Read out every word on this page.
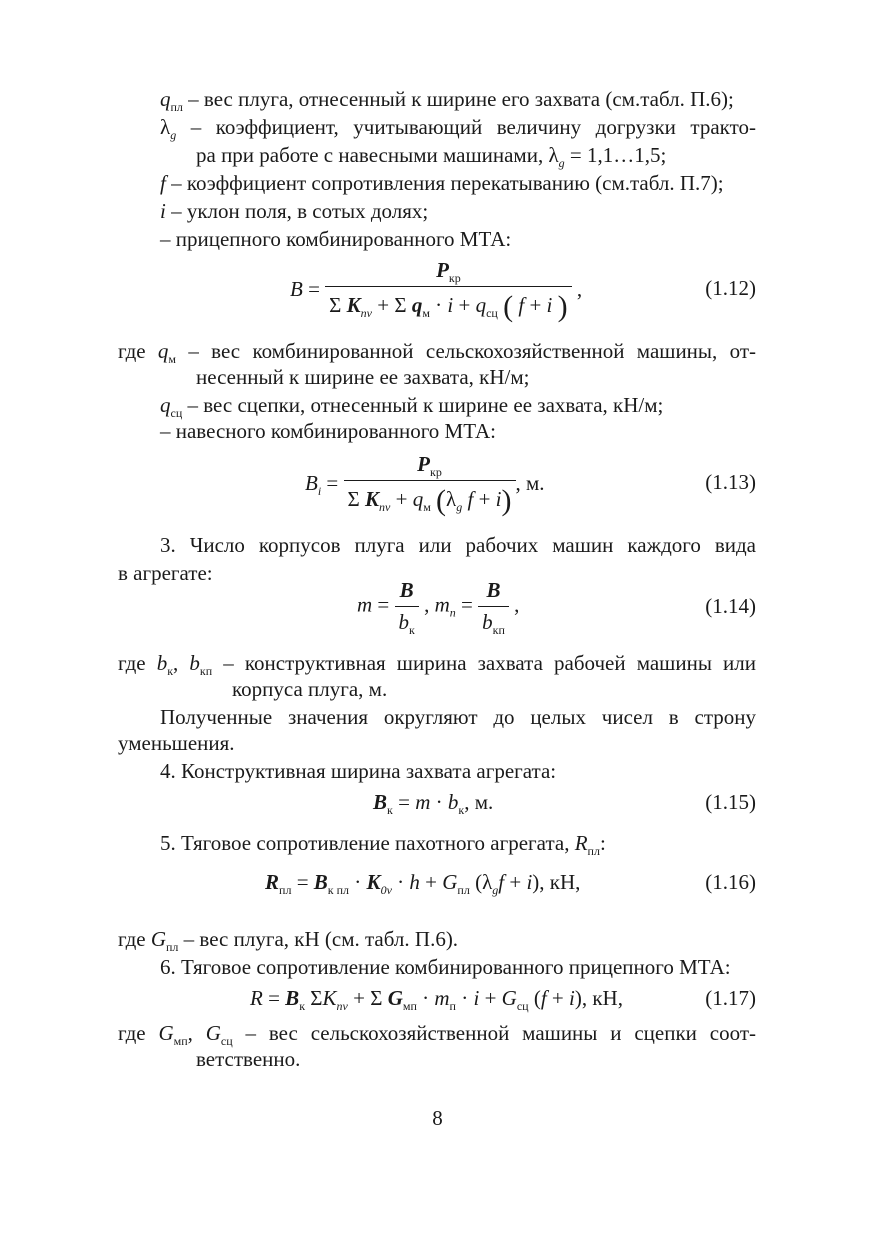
$q_{пл}$ – вес плуга, отнесенный к ширине его захвата (см.табл. П.6);
$\lambda_g$ – коэффициент, учитывающий величину догрузки тракто-
ра при работе с навесными машинами, $\lambda_g$ = 1,1…1,5;
f – коэффициент сопротивления перекатыванию (см.табл. П.7);
i – уклон поля, в сотых долях;
– прицепного комбинированного МТА:
$B = \frac{P_{кр}}{\Sigma K_{nv} + \Sigma q_м \cdot i + q_{сц} ( f + i )}$ ,	(1.12)
где $q_м$ – вес комбинированной сельскохозяйственной машины, от-
несенный к ширине ее захвата, кН/м;
$q_{сц}$ – вес сцепки, отнесенный к ширине ее захвата, кН/м;
– навесного комбинированного МТА:
$B_i = \frac{P_{кр}}{\Sigma K_{nv} + q_м (\lambda_g f + i)}$ , м.	(1.13)
3. Число корпусов плуга или рабочих машин каждого вида
в агрегате:
$m = \frac{B}{b_к}$ , $m_n = \frac{B}{b_{кп}}$ ,	(1.14)
где $b_к$, $b_{кп}$ – конструктивная ширина захвата рабочей машины или
корпуса плуга, м.
Полученные значения округляют до целых чисел в строну
уменьшения.
4. Конструктивная ширина захвата агрегата:
$B_к = m \cdot b_к$, м.	(1.15)
5. Тяговое сопротивление пахотного агрегата, $R_{пл}$:
$R_{пл} = B_{к пл} \cdot K_{0v} \cdot h + G_{пл}$ $(\lambda_gf + i)$, кН,	(1.16)
где $G_{пл}$ – вес плуга, кН (см. табл. П.6).
6. Тяговое сопротивление комбинированного прицепного МТА:
$R = B_к$ $\Sigma K_{nv} + \Sigma$ $G_{мп} \cdot m_п \cdot i + G_{сц}$ (f + i), кН,	(1.17)
где $G_{мп}$, $G_{сц}$ – вес сельскохозяйственной машины и сцепки соот-
ветственно.
8
